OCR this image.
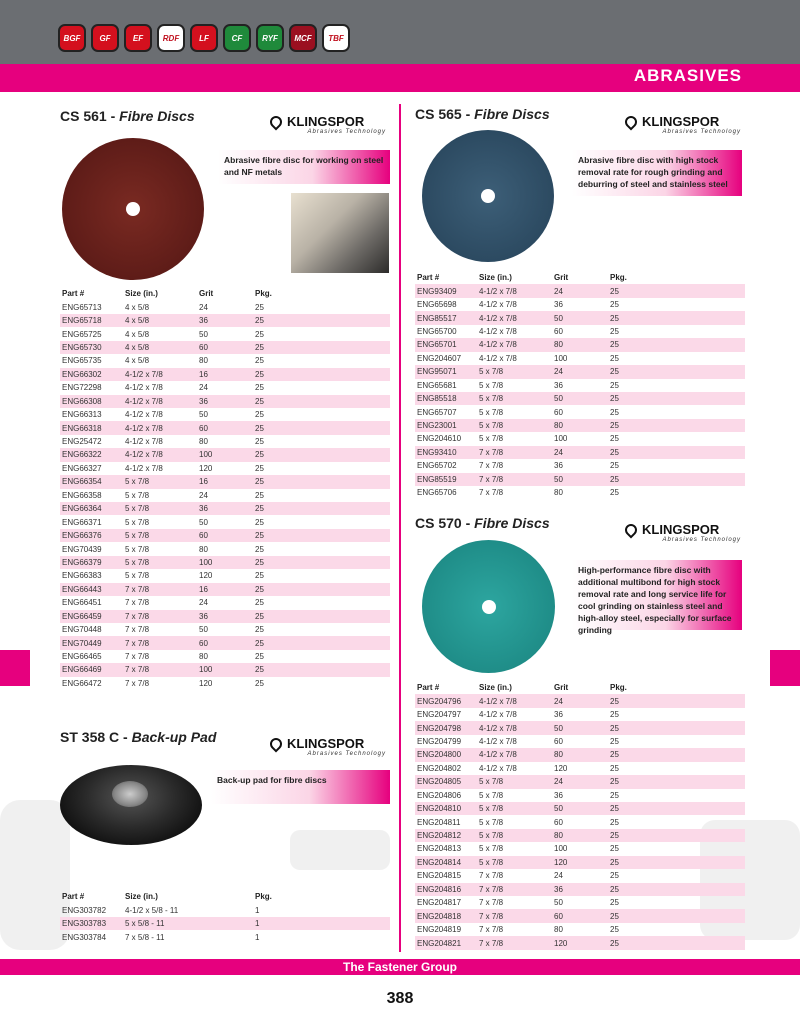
BGF	GF	EF	RDF	LF	CF	RYF	MCF	TBF
ABRASIVES
CS 561 - Fibre Discs	KLINGSPOR
Abrasives Technology
Abrasive fibre disc for working on steel and NF metals
Part #	Size (in.)	Grit	Pkg.
ENG65713	4 x 5/8	24	25
ENG65718	4 x 5/8	36	25
ENG65725	4 x 5/8	50	25
ENG65730	4 x 5/8	60	25
ENG65735	4 x 5/8	80	25
ENG66302	4-1/2 x 7/8	16	25
ENG72298	4-1/2 x 7/8	24	25
ENG66308	4-1/2 x 7/8	36	25
ENG66313	4-1/2 x 7/8	50	25
ENG66318	4-1/2 x 7/8	60	25
ENG25472	4-1/2 x 7/8	80	25
ENG66322	4-1/2 x 7/8	100	25
ENG66327	4-1/2 x 7/8	120	25
ENG66354	5 x 7/8	16	25
ENG66358	5 x 7/8	24	25
ENG66364	5 x 7/8	36	25
ENG66371	5 x 7/8	50	25
ENG66376	5 x 7/8	60	25
ENG70439	5 x 7/8	80	25
ENG66379	5 x 7/8	100	25
ENG66383	5 x 7/8	120	25
ENG66443	7 x 7/8	16	25
ENG66451	7 x 7/8	24	25
ENG66459	7 x 7/8	36	25
ENG70448	7 x 7/8	50	25
ENG70449	7 x 7/8	60	25
ENG66465	7 x 7/8	80	25
ENG66469	7 x 7/8	100	25
ENG66472	7 x 7/8	120	25
ST 358 C - Back-up Pad	KLINGSPOR
Abrasives Technology
Back-up pad for fibre discs
Part #	Size (in.)	Pkg.
ENG303782	4-1/2 x 5/8 - 11	1
ENG303783	5 x 5/8 - 11	1
ENG303784	7 x 5/8 - 11	1
CS 565 - Fibre Discs	KLINGSPOR
Abrasives Technology
Abrasive fibre disc with high stock removal rate for rough grinding and deburring of steel and stainless steel
Part #	Size (in.)	Grit	Pkg.
ENG93409	4-1/2 x 7/8	24	25
ENG65698	4-1/2 x 7/8	36	25
ENG85517	4-1/2 x 7/8	50	25
ENG65700	4-1/2 x 7/8	60	25
ENG65701	4-1/2 x 7/8	80	25
ENG204607	4-1/2 x 7/8	100	25
ENG95071	5 x 7/8	24	25
ENG65681	5 x 7/8	36	25
ENG85518	5 x 7/8	50	25
ENG65707	5 x 7/8	60	25
ENG23001	5 x 7/8	80	25
ENG204610	5 x 7/8	100	25
ENG93410	7 x 7/8	24	25
ENG65702	7 x 7/8	36	25
ENG85519	7 x 7/8	50	25
ENG65706	7 x 7/8	80	25
CS 570 - Fibre Discs	KLINGSPOR
Abrasives Technology
High-performance fibre disc with additional multibond for high stock removal rate and long service life for cool grinding on stainless steel and high-alloy steel, especially for surface grinding
Part #	Size (in.)	Grit	Pkg.
ENG204796	4-1/2 x 7/8	24	25
ENG204797	4-1/2 x 7/8	36	25
ENG204798	4-1/2 x 7/8	50	25
ENG204799	4-1/2 x 7/8	60	25
ENG204800	4-1/2 x 7/8	80	25
ENG204802	4-1/2 x 7/8	120	25
ENG204805	5 x 7/8	24	25
ENG204806	5 x 7/8	36	25
ENG204810	5 x 7/8	50	25
ENG204811	5 x 7/8	60	25
ENG204812	5 x 7/8	80	25
ENG204813	5 x 7/8	100	25
ENG204814	5 x 7/8	120	25
ENG204815	7 x 7/8	24	25
ENG204816	7 x 7/8	36	25
ENG204817	7 x 7/8	50	25
ENG204818	7 x 7/8	60	25
ENG204819	7 x 7/8	80	25
ENG204821	7 x 7/8	120	25
The Fastener Group
388
